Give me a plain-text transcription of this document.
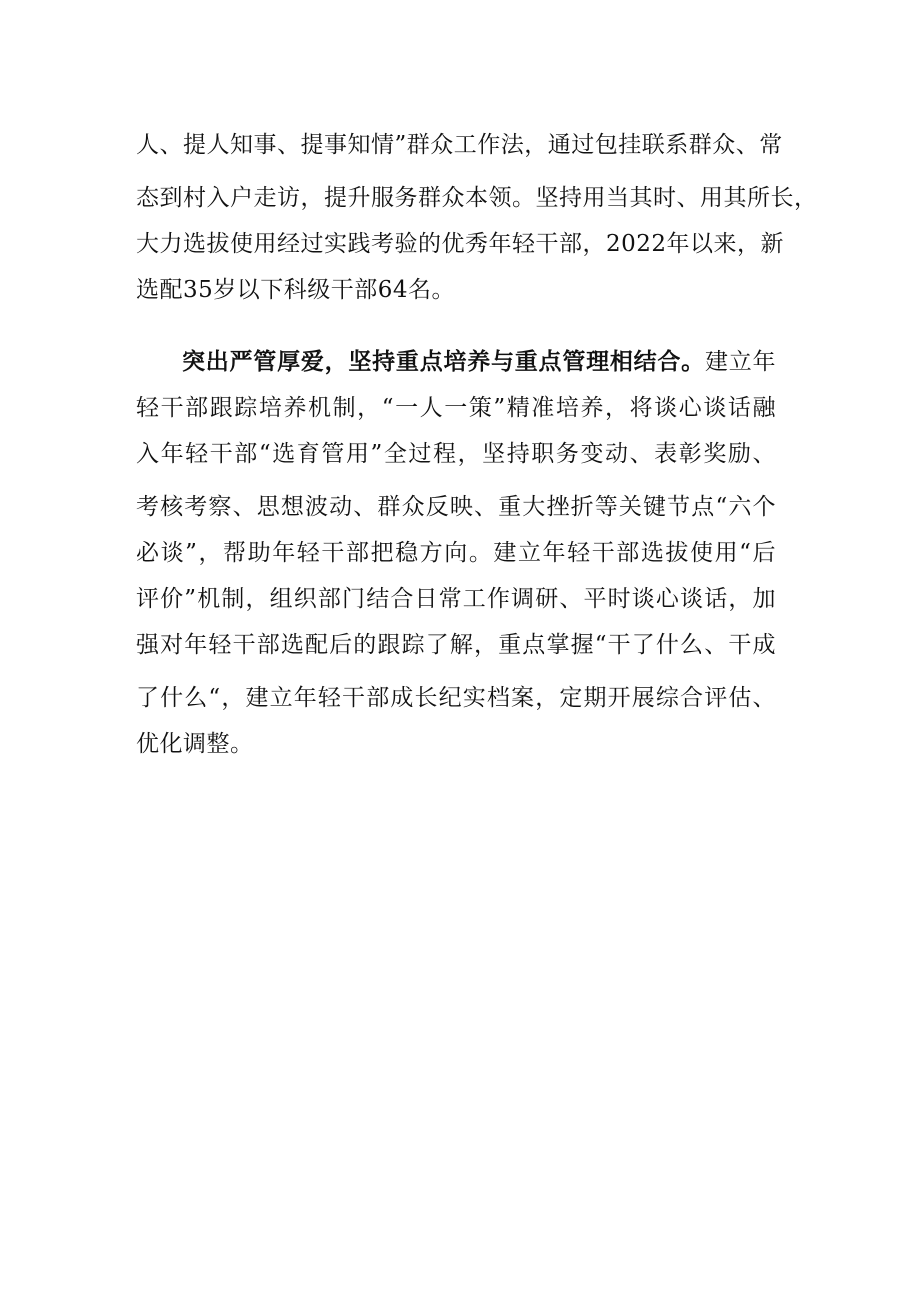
人、提人知事、提事知情”群众工作法，通过包挂联系群众、常
态到村入户走访，提升服务群众本领。坚持用当其时、用其所长，
大力选拔使用经过实践考验的优秀年轻干部，2022年以来，新
选配35岁以下科级干部64名。
突出严管厚爱，坚持重点培养与重点管理相结合。建立年
轻干部跟踪培养机制，“一人一策”精准培养，将谈心谈话融
入年轻干部“选育管用”全过程，坚持职务变动、表彰奖励、
考核考察、思想波动、群众反映、重大挫折等关键节点“六个
必谈”，帮助年轻干部把稳方向。建立年轻干部选拔使用“后
评价”机制，组织部门结合日常工作调研、平时谈心谈话，加
强对年轻干部选配后的跟踪了解，重点掌握“干了什么、干成
了什么“，建立年轻干部成长纪实档案，定期开展综合评估、
优化调整。
